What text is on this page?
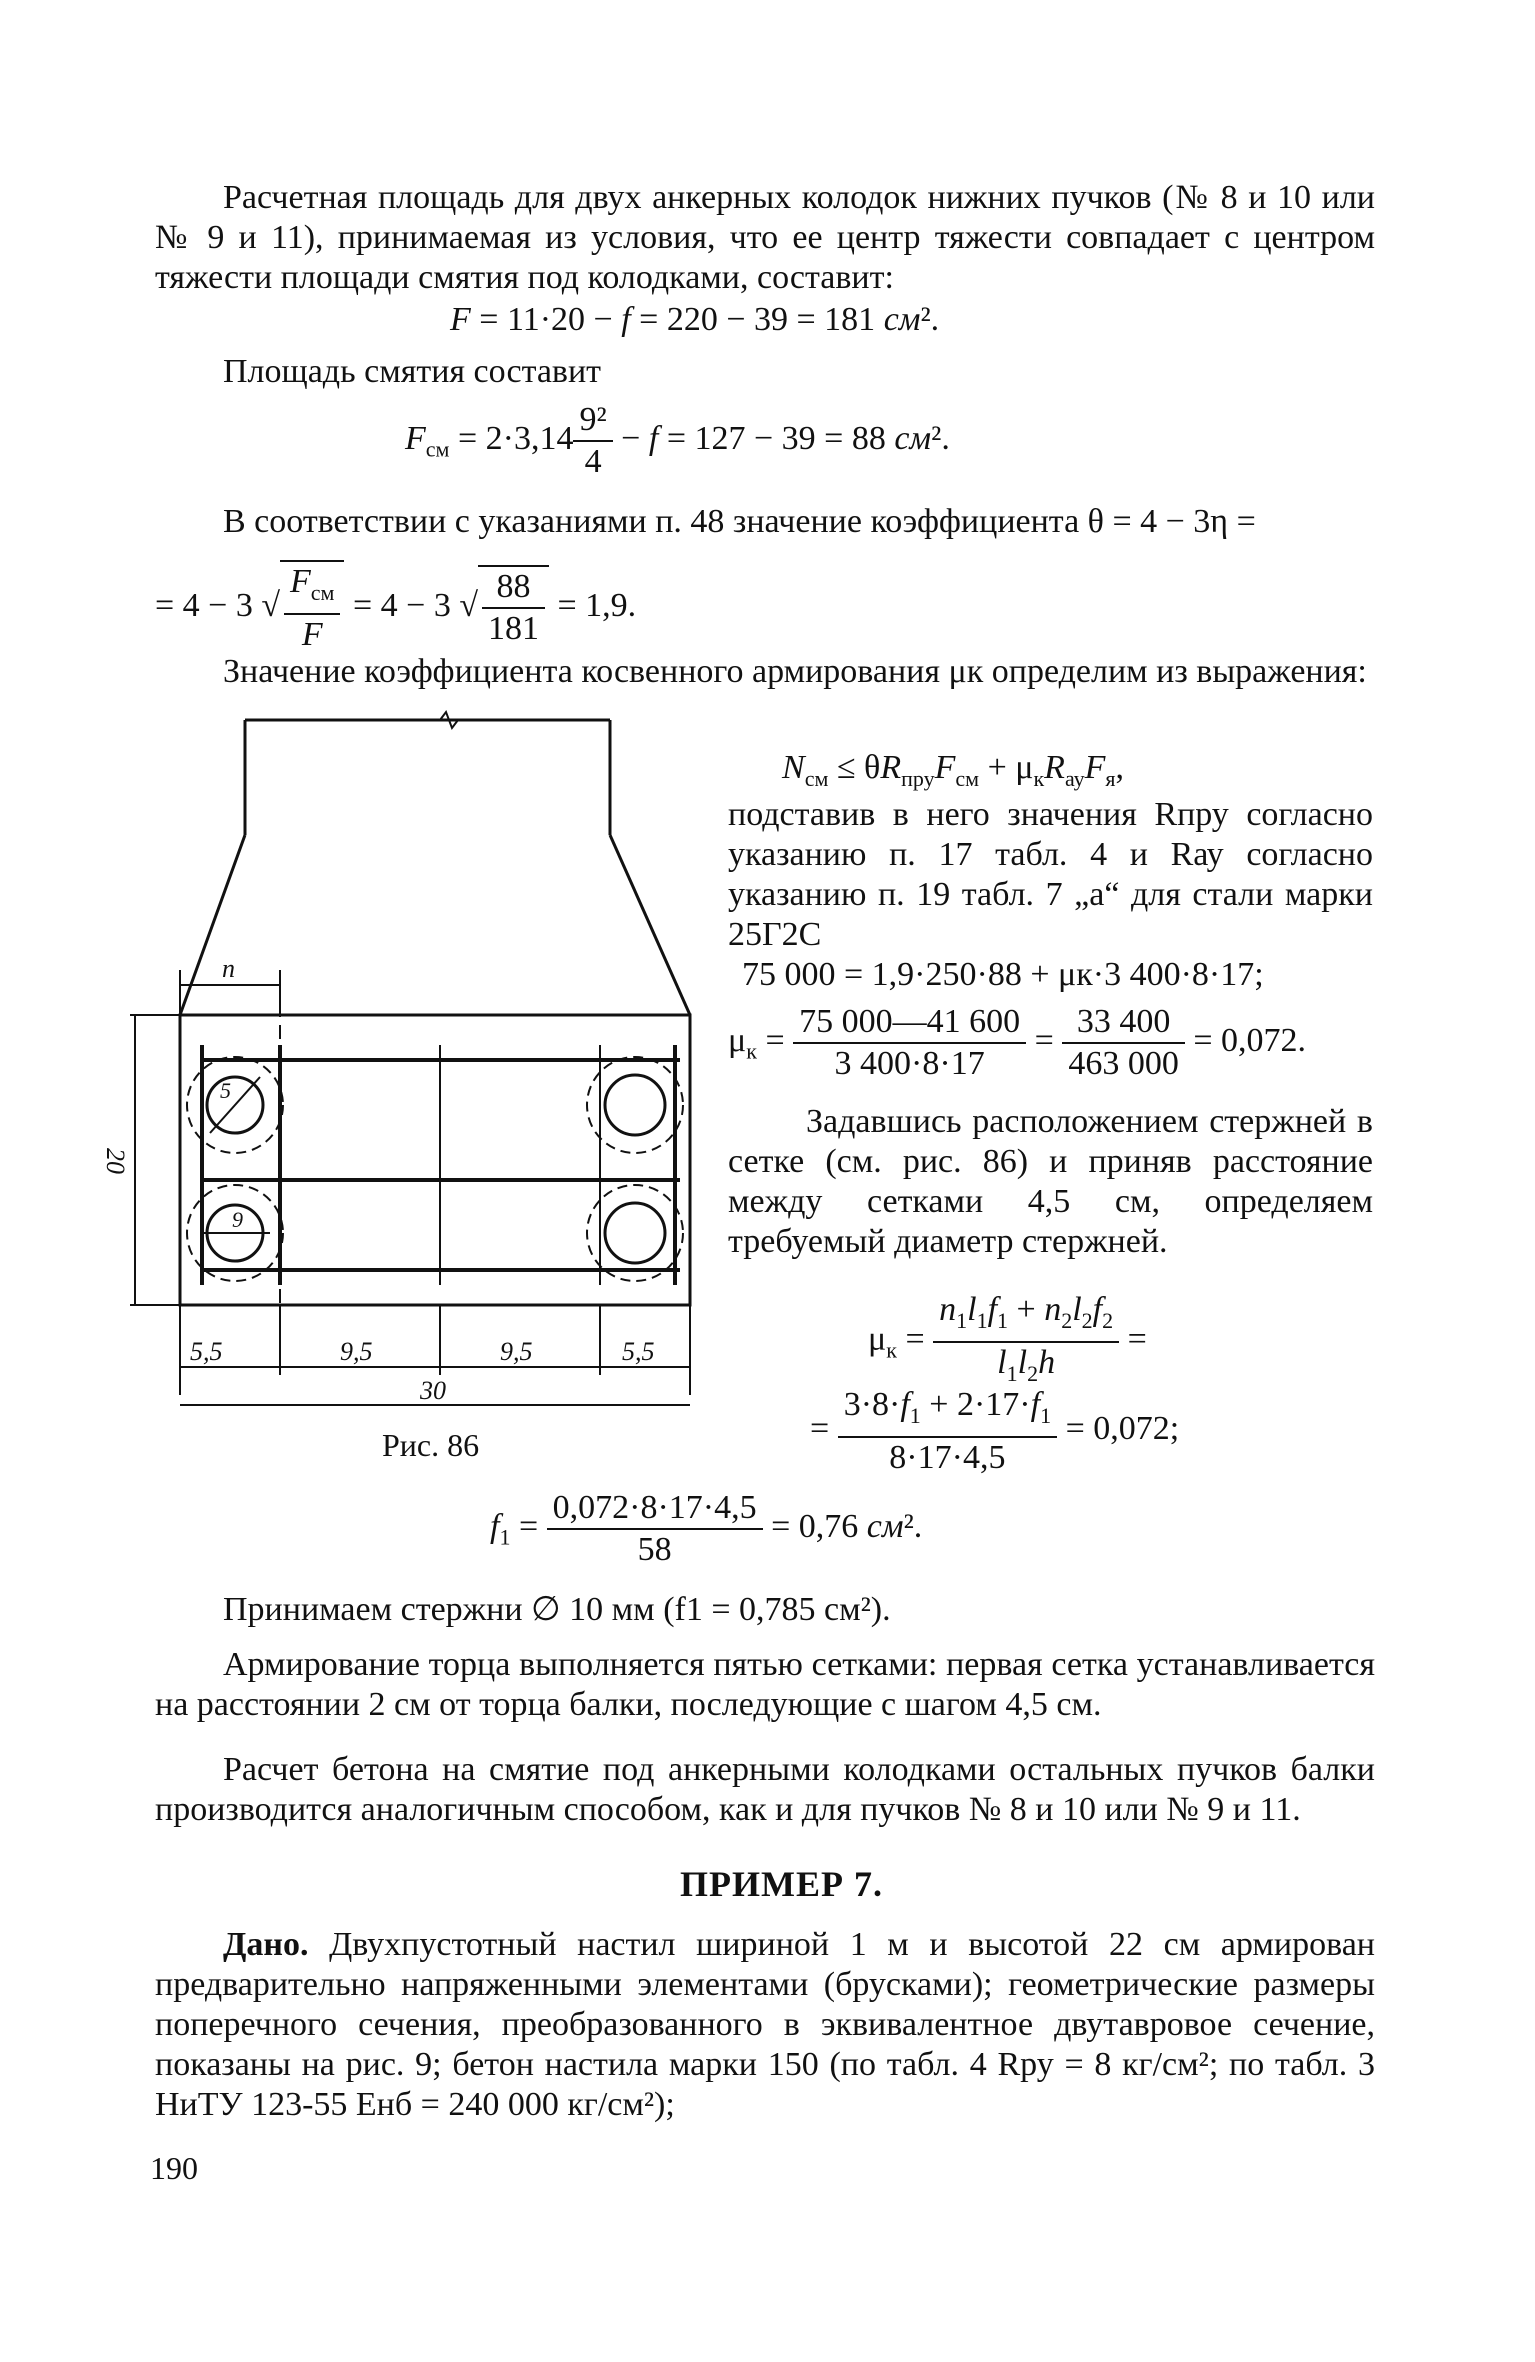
Расчетная площадь для двух анкерных колодок нижних пучков (№ 8 и 10 или № 9 и 11), принимаемая из условия, что ее центр тяжести совпадает с центром тяжести площади смятия под колодками, составит:

F = 11·20 − f = 220 − 39 = 181 см².

Площадь смятия составит

$F_{см} = 2\cdot 3,14 \frac{\text{9²}}{4} - f = 127 - 39 = 88$ см².

В соответствии с указаниями п. 48 значение коэффициента θ = 4 − 3η =

= 4 − 3 √ $\frac{F_{см}}{F} = 4 - 3$ √ $\frac{88}{181} = 1,9$.

Значение коэффициента косвенного армирования μк определим из выражения:

n
20
5
9
5,5	9,5	9,5	5,5
30
Рис. 86
$N_{см} \le \theta R_{пру}F_{см} + \mu_кR_{ау}F_я$,

подставив в него значения Rпру согласно указанию п. 17 табл. 4 и Rау согласно указанию п. 19 табл. 7 „а“ для стали марки 25Г2С

75 000 = 1,9·250·88 + μк·3 400·8·17;
$\mu_к = \frac{75 000—41 600}{3 400\cdot 8\cdot 17} = \frac{33 400}{463 000} = 0,072$.

Задавшись расположением стержней в сетке (см. рис. 86) и приняв расстояние между сетками 4,5 см, определяем требуемый диаметр стержней.

$\mu_к = \frac{n_1l_1f_1 + n_2l_2f_2}{l_1l_2h}$ =
= $\frac{3\cdot 8\cdot f_1 + 2\cdot 17\cdot f_1}{8\cdot 17\cdot 4,5} = 0,072$;
$f_1 = \frac{0,072\cdot 8\cdot 17\cdot 4,5}{58} = 0,76$ см².

Принимаем стержни ∅ 10 мм (f1 = 0,785 см²).

Армирование торца выполняется пятью сетками: первая сетка устанавливается на расстоянии 2 см от торца балки, последующие с шагом 4,5 см.

Расчет бетона на смятие под анкерными колодками остальных пучков балки производится аналогичным способом, как и для пучков № 8 и 10 или № 9 и 11.

ПРИМЕР 7.

Дано. Двухпустотный настил шириной 1 м и высотой 22 см армирован предварительно напряженными элементами (брусками); геометрические размеры поперечного сечения, преобразованного в эквивалентное двутавровое сечение, показаны на рис. 9; бетон настила марки 150 (по табл. 4 Rру = 8 кг/см²; по табл. 3 НиТУ 123-55 Eнб = 240 000 кг/см²);

190
